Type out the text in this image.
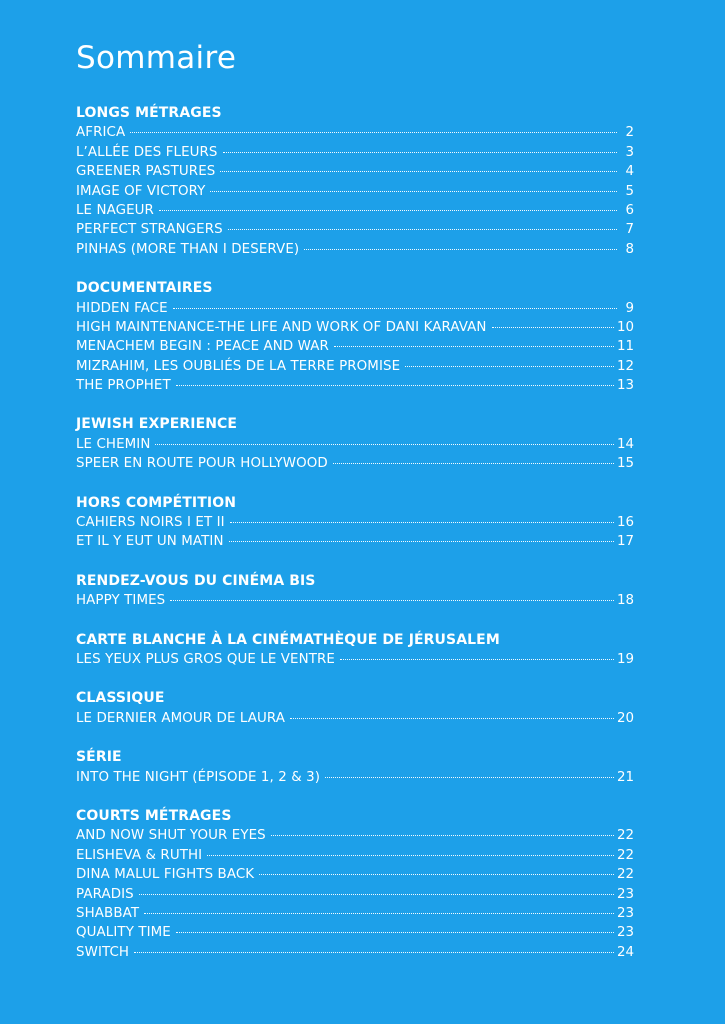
Sommaire
LONGS MÉTRAGES
AFRICA	2
L’ALLÉE DES FLEURS	3
GREENER PASTURES	4
IMAGE OF VICTORY	5
LE NAGEUR	6
PERFECT STRANGERS	7
PINHAS (MORE THAN I DESERVE)	8
DOCUMENTAIRES
HIDDEN FACE	9
HIGH MAINTENANCE-THE LIFE AND WORK OF DANI KARAVAN	10
MENACHEM BEGIN : PEACE AND WAR	11
MIZRAHIM, LES OUBLIÉS DE LA TERRE PROMISE	12
THE PROPHET	13
JEWISH EXPERIENCE
LE CHEMIN	14
SPEER EN ROUTE POUR HOLLYWOOD	15
HORS COMPÉTITION
CAHIERS NOIRS I ET II	16
ET IL Y EUT UN MATIN	17
RENDEZ-VOUS DU CINÉMA BIS
HAPPY TIMES	18
CARTE BLANCHE À LA CINÉMATHÈQUE DE JÉRUSALEM
LES YEUX PLUS GROS QUE LE VENTRE	19
CLASSIQUE
LE DERNIER AMOUR DE LAURA	20
SÉRIE
INTO THE NIGHT (ÉPISODE 1, 2 & 3)	21
COURTS MÉTRAGES
AND NOW SHUT YOUR EYES	22
ELISHEVA & RUTHI	22
DINA MALUL FIGHTS BACK	22
PARADIS	23
SHABBAT	23
QUALITY TIME	23
SWITCH	24
